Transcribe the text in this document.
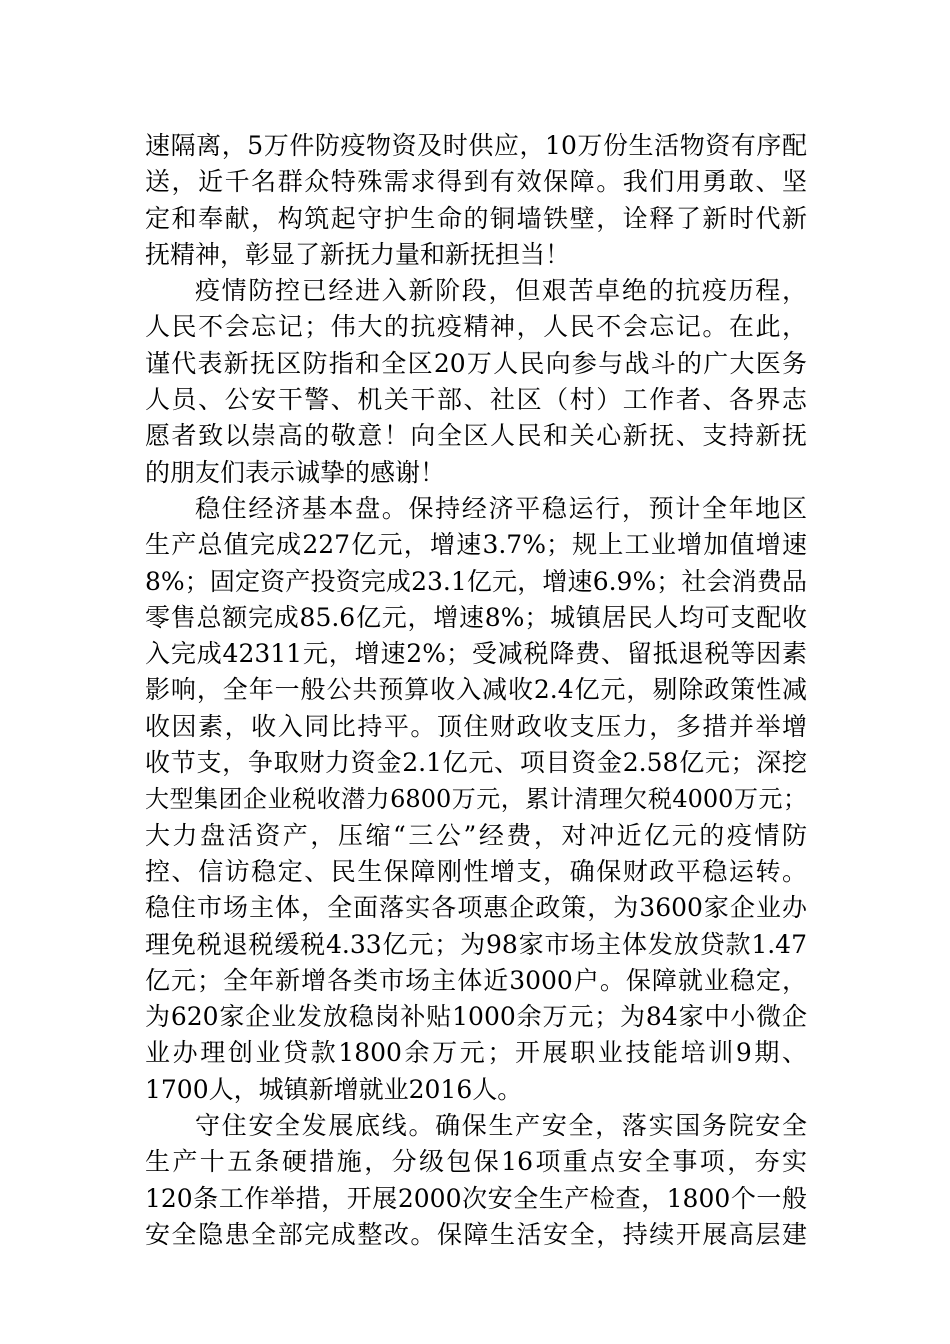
速隔离，5万件防疫物资及时供应，10万份生活物资有序配
送，近千名群众特殊需求得到有效保障。我们用勇敢、坚
定和奉献，构筑起守护生命的铜墙铁壁，诠释了新时代新
抚精神，彰显了新抚力量和新抚担当！
疫情防控已经进入新阶段，但艰苦卓绝的抗疫历程，
人民不会忘记；伟大的抗疫精神，人民不会忘记。在此，
谨代表新抚区防指和全区20万人民向参与战斗的广大医务
人员、公安干警、机关干部、社区（村）工作者、各界志
愿者致以崇高的敬意！向全区人民和关心新抚、支持新抚
的朋友们表示诚挚的感谢！
稳住经济基本盘。保持经济平稳运行，预计全年地区
生产总值完成227亿元，增速3.7%；规上工业增加值增速
8%；固定资产投资完成23.1亿元，增速6.9%；社会消费品
零售总额完成85.6亿元，增速8%；城镇居民人均可支配收
入完成42311元，增速2%；受减税降费、留抵退税等因素
影响，全年一般公共预算收入减收2.4亿元，剔除政策性减
收因素，收入同比持平。顶住财政收支压力，多措并举增
收节支，争取财力资金2.1亿元、项目资金2.58亿元；深挖
大型集团企业税收潜力6800万元，累计清理欠税4000万元；
大力盘活资产，压缩“三公”经费，对冲近亿元的疫情防
控、信访稳定、民生保障刚性增支，确保财政平稳运转。
稳住市场主体，全面落实各项惠企政策，为3600家企业办
理免税退税缓税4.33亿元；为98家市场主体发放贷款1.47
亿元；全年新增各类市场主体近3000户。保障就业稳定，
为620家企业发放稳岗补贴1000余万元；为84家中小微企
业办理创业贷款1800余万元；开展职业技能培训9期、
1700人，城镇新增就业2016人。
守住安全发展底线。确保生产安全，落实国务院安全
生产十五条硬措施，分级包保16项重点安全事项，夯实
120条工作举措，开展2000次安全生产检查，1800个一般
安全隐患全部完成整改。保障生活安全，持续开展高层建
